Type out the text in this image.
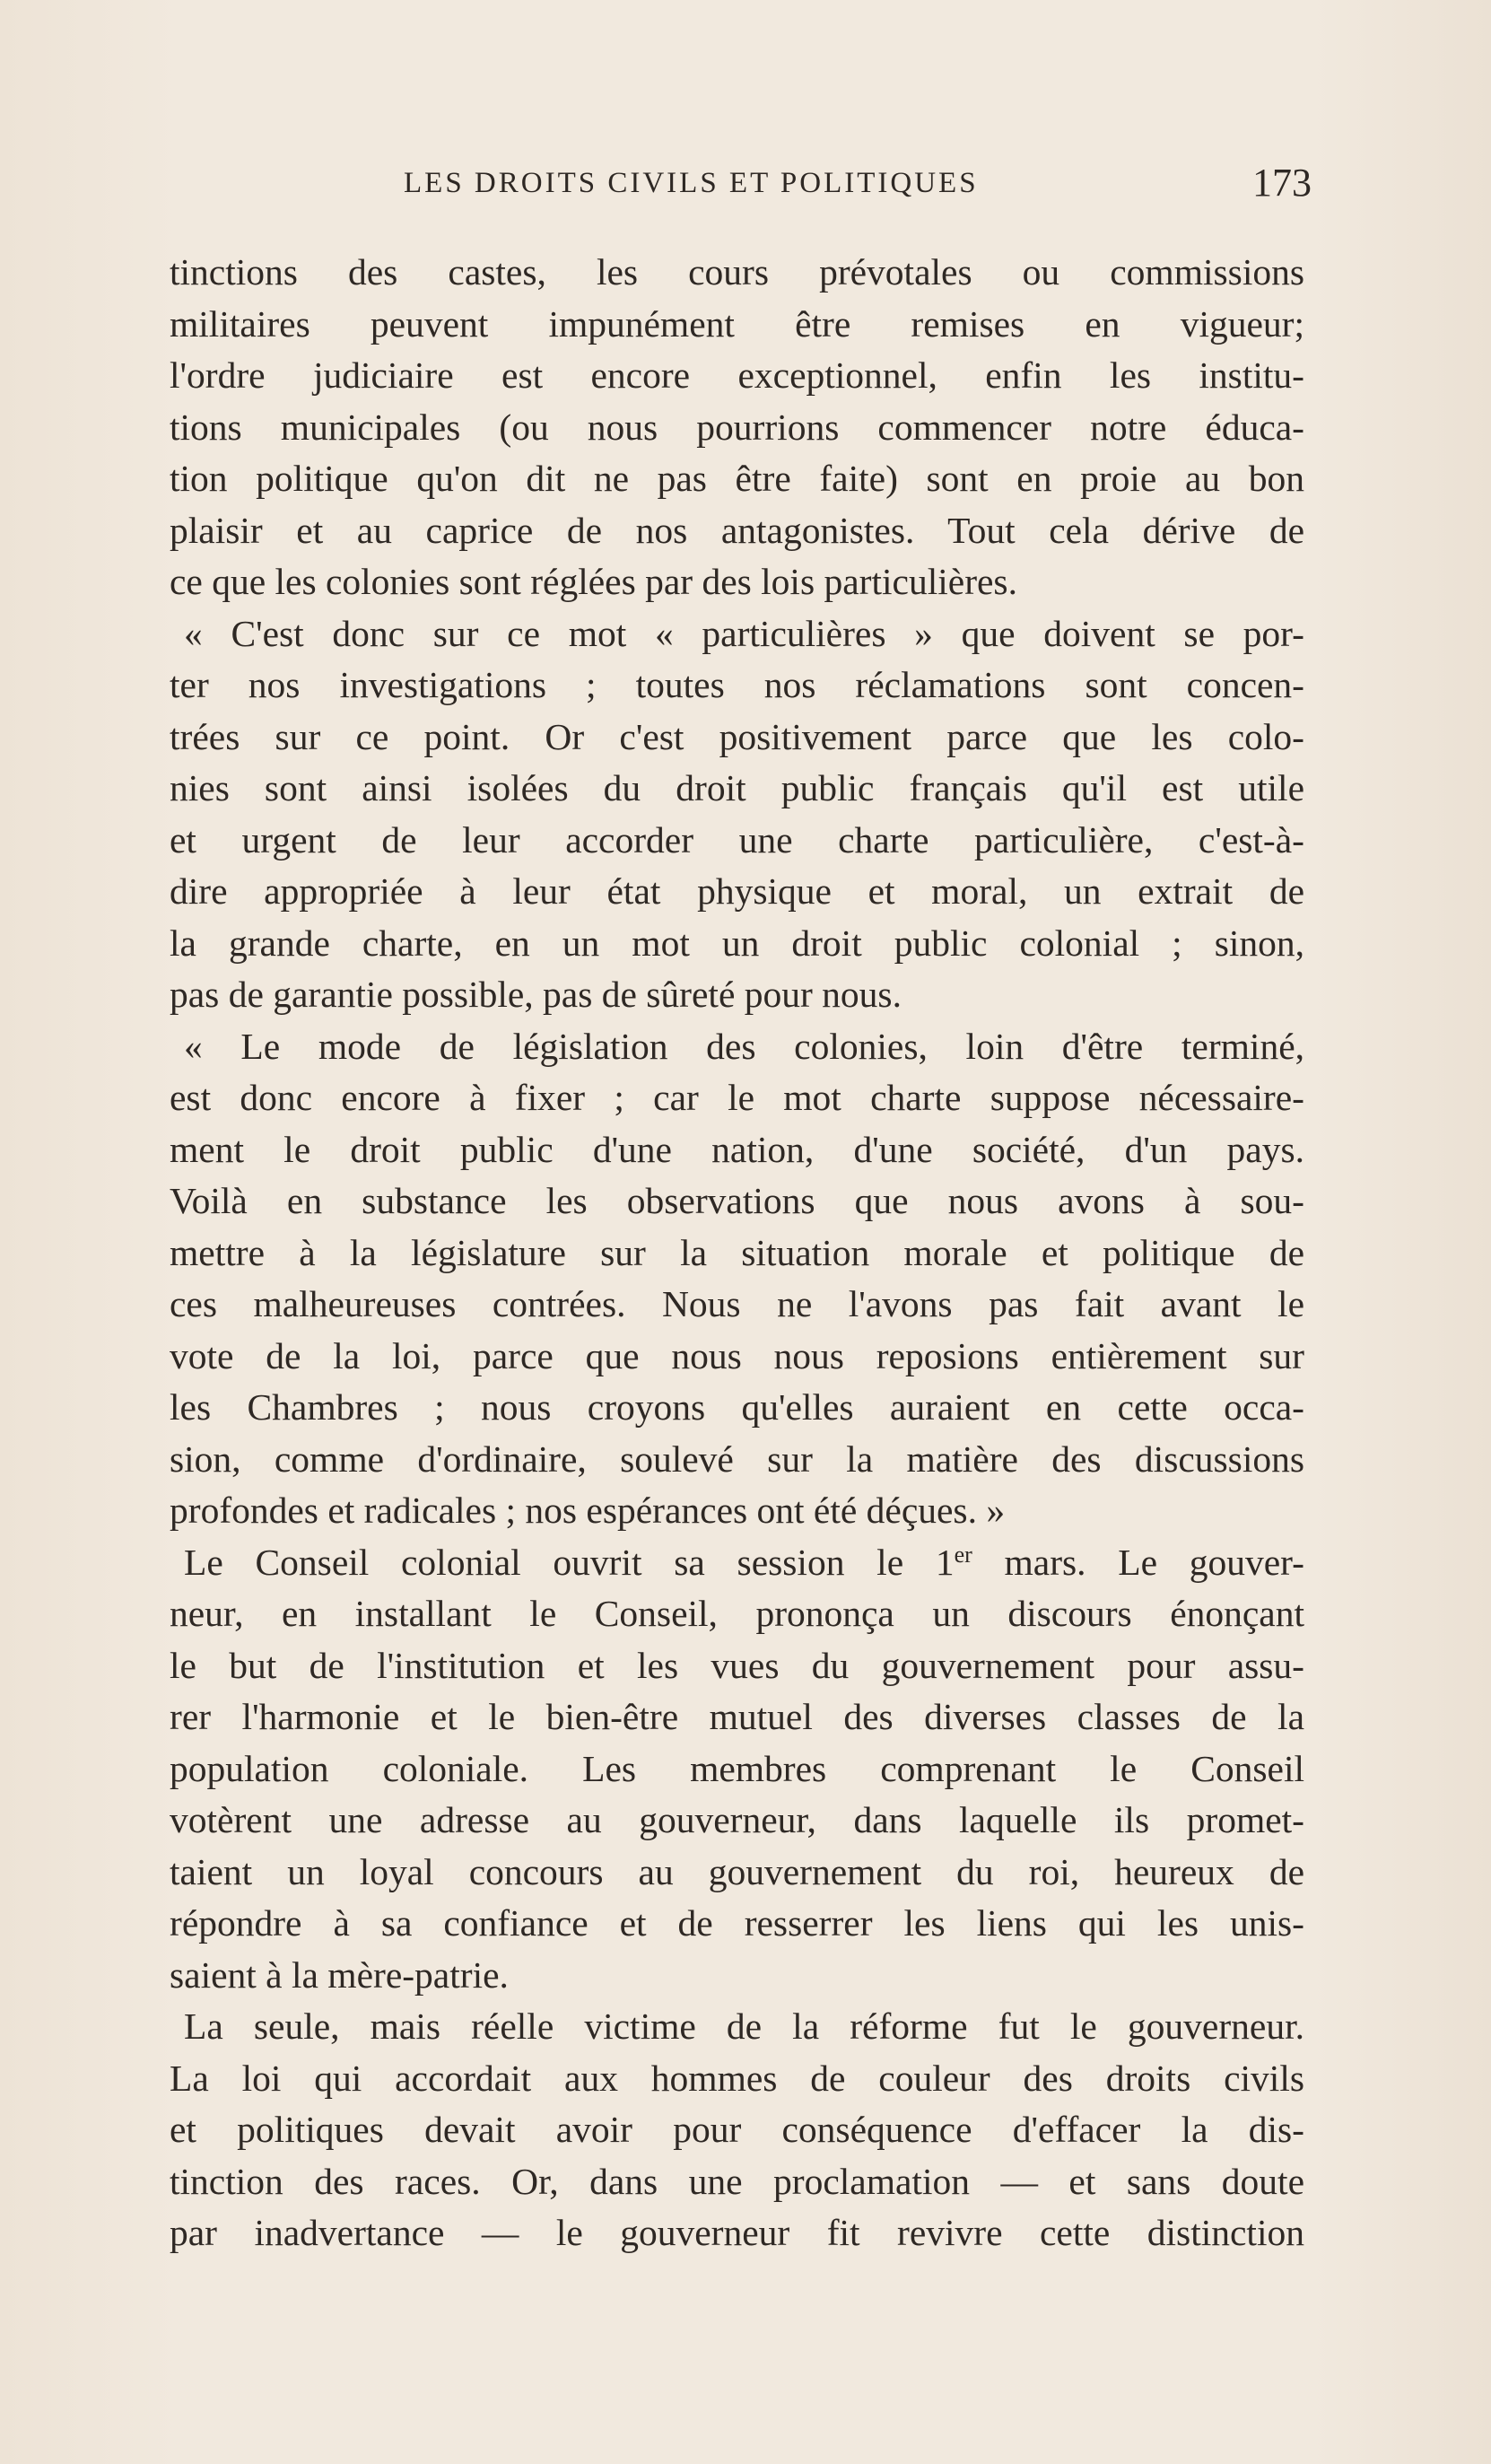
LES DROITS CIVILS ET POLITIQUES	173
tinctions des castes, les cours prévotales ou commissions
militaires peuvent impunément être remises en vigueur;
l'ordre judiciaire est encore exceptionnel, enfin les institu-
tions municipales (ou nous pourrions commencer notre éduca-
tion politique qu'on dit ne pas être faite) sont en proie au bon
plaisir et au caprice de nos antagonistes. Tout cela dérive de
ce que les colonies sont réglées par des lois particulières.
« C'est donc sur ce mot « particulières » que doivent se por-
ter nos investigations ; toutes nos réclamations sont concen-
trées sur ce point. Or c'est positivement parce que les colo-
nies sont ainsi isolées du droit public français qu'il est utile
et urgent de leur accorder une charte particulière, c'est-à-
dire appropriée à leur état physique et moral, un extrait de
la grande charte, en un mot un droit public colonial ; sinon,
pas de garantie possible, pas de sûreté pour nous.
« Le mode de législation des colonies, loin d'être terminé,
est donc encore à fixer ; car le mot charte suppose nécessaire-
ment le droit public d'une nation, d'une société, d'un pays.
Voilà en substance les observations que nous avons à sou-
mettre à la législature sur la situation morale et politique de
ces malheureuses contrées. Nous ne l'avons pas fait avant le
vote de la loi, parce que nous nous reposions entièrement sur
les Chambres ; nous croyons qu'elles auraient en cette occa-
sion, comme d'ordinaire, soulevé sur la matière des discussions
profondes et radicales ; nos espérances ont été déçues. »
Le Conseil colonial ouvrit sa session le 1er mars. Le gouver-
neur, en installant le Conseil, prononça un discours énonçant
le but de l'institution et les vues du gouvernement pour assu-
rer l'harmonie et le bien-être mutuel des diverses classes de la
population coloniale. Les membres comprenant le Conseil
votèrent une adresse au gouverneur, dans laquelle ils promet-
taient un loyal concours au gouvernement du roi, heureux de
répondre à sa confiance et de resserrer les liens qui les unis-
saient à la mère-patrie.
La seule, mais réelle victime de la réforme fut le gouverneur.
La loi qui accordait aux hommes de couleur des droits civils
et politiques devait avoir pour conséquence d'effacer la dis-
tinction des races. Or, dans une proclamation — et sans doute
par inadvertance — le gouverneur fit revivre cette distinction
